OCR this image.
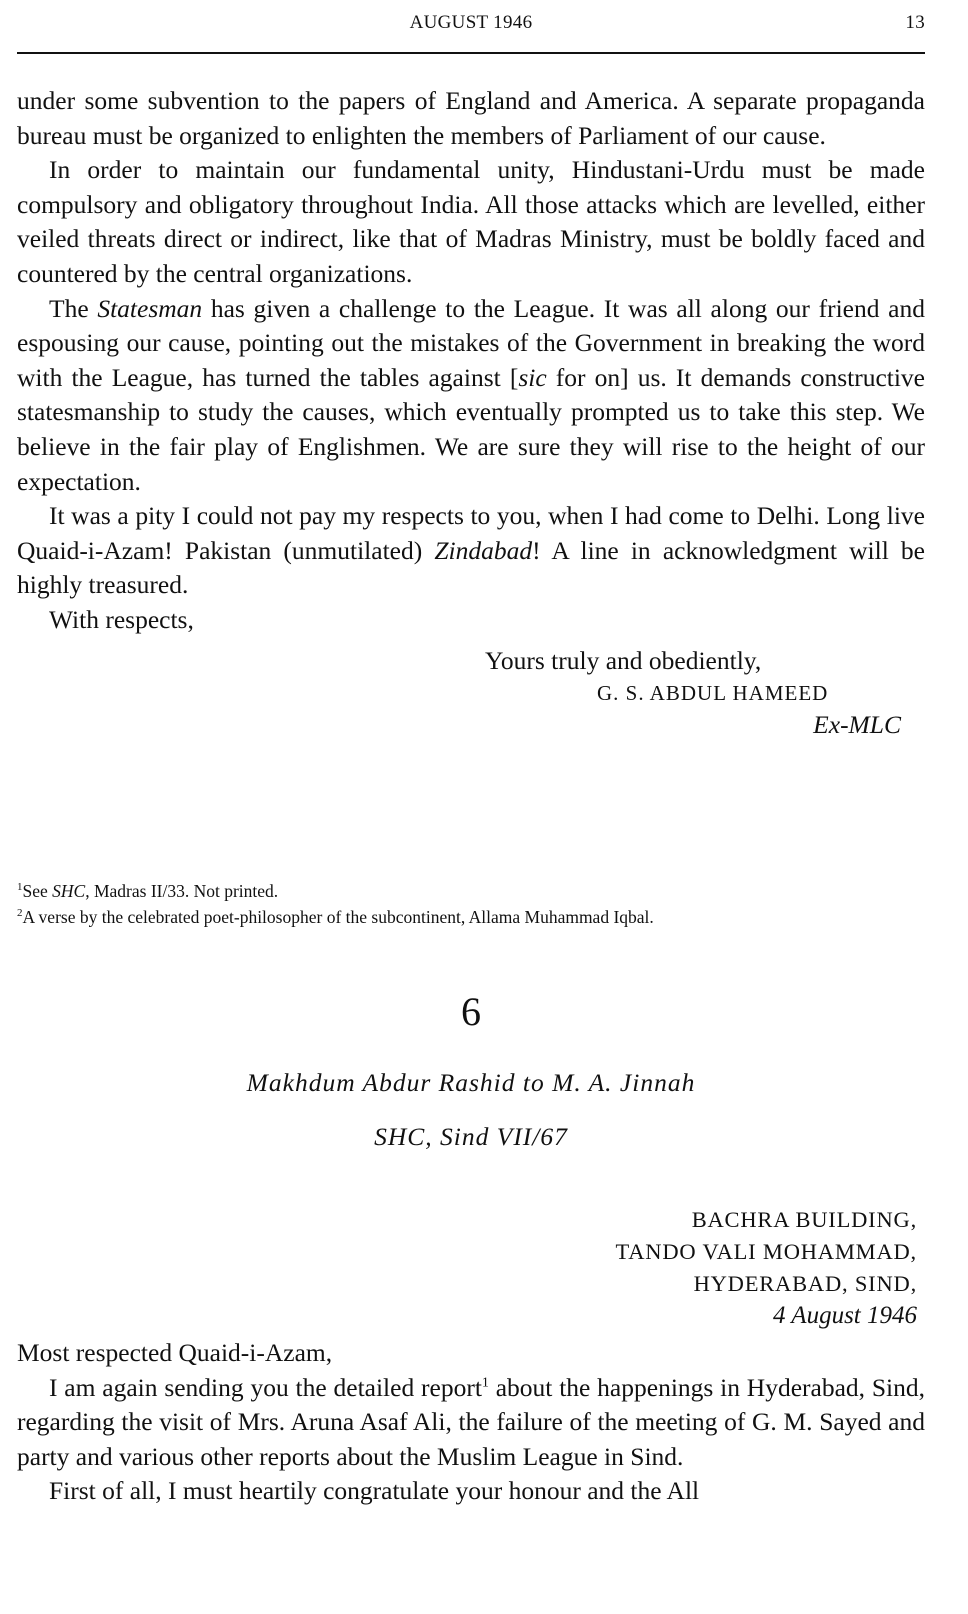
AUGUST 1946	13

under some subvention to the papers of England and America. A separate propaganda bureau must be organized to enlighten the members of Parliament of our cause.

In order to maintain our fundamental unity, Hindustani-Urdu must be made compulsory and obligatory throughout India. All those attacks which are levelled, either veiled threats direct or indirect, like that of Madras Ministry, must be boldly faced and countered by the central organizations.

The Statesman has given a challenge to the League. It was all along our friend and espousing our cause, pointing out the mistakes of the Government in breaking the word with the League, has turned the tables against [sic for on] us. It demands constructive statesmanship to study the causes, which eventually prompted us to take this step. We believe in the fair play of Englishmen. We are sure they will rise to the height of our expectation.

It was a pity I could not pay my respects to you, when I had come to Delhi. Long live Quaid-i-Azam! Pakistan (unmutilated) Zindabad! A line in acknowledgment will be highly treasured.

With respects,

Yours truly and obediently,
G. S. ABDUL HAMEED
Ex-MLC
$^1$See SHC, Madras II/33. Not printed.
$^2$A verse by the celebrated poet-philosopher of the subcontinent, Allama Muhammad Iqbal.
6
Makhdum Abdur Rashid to M. A. Jinnah
SHC, Sind VII/67
BACHRA BUILDING,
TANDO VALI MOHAMMAD,
HYDERABAD, SIND,
4 August 1946

Most respected Quaid-i-Azam,

I am again sending you the detailed report$^1$ about the happenings in Hyderabad, Sind, regarding the visit of Mrs. Aruna Asaf Ali, the failure of the meeting of G. M. Sayed and party and various other reports about the Muslim League in Sind.

First of all, I must heartily congratulate your honour and the All
